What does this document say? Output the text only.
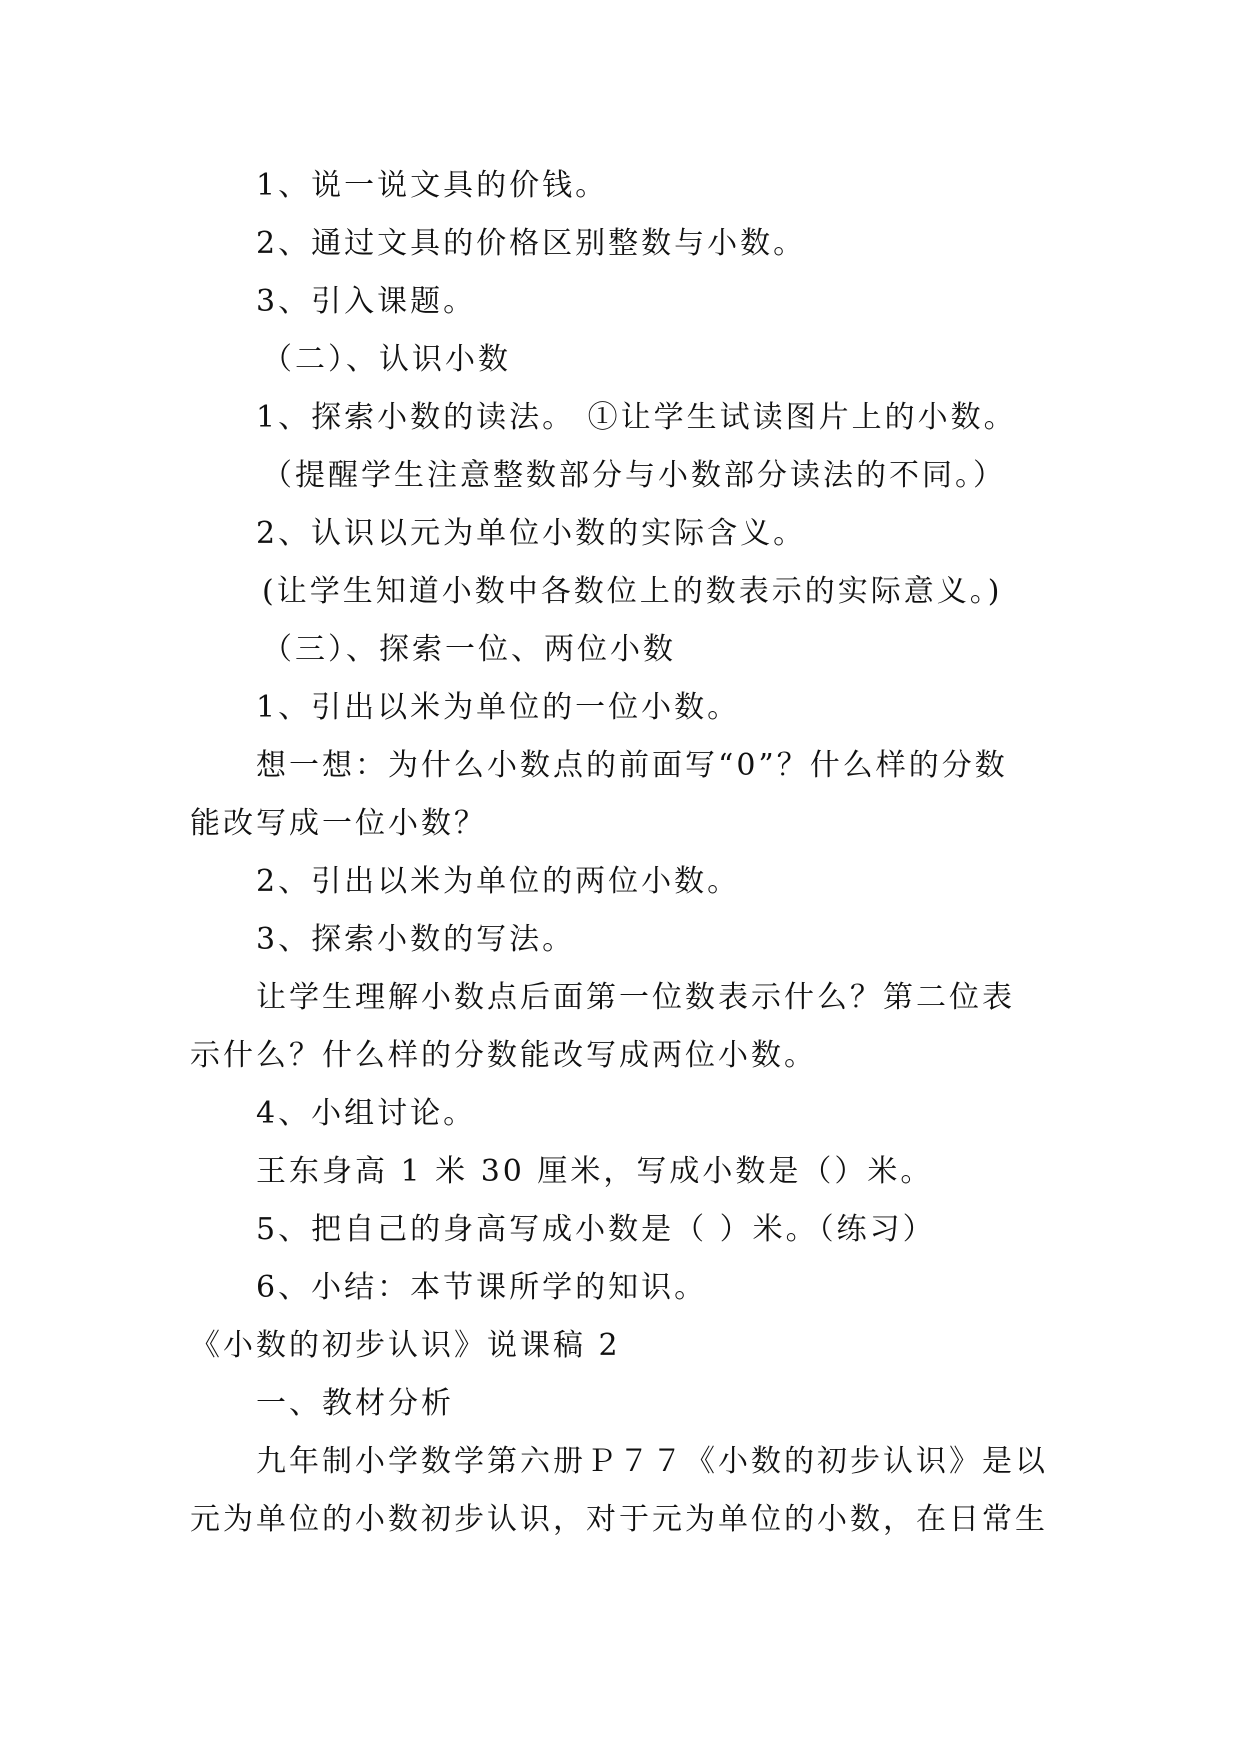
1、说一说文具的价钱。
2、通过文具的价格区别整数与小数。
3、引入课题。
（二）、认识小数
1、探索小数的读法。 ①让学生试读图片上的小数。
（提醒学生注意整数部分与小数部分读法的不同。）
2、认识以元为单位小数的实际含义。
(让学生知道小数中各数位上的数表示的实际意义。)
（三）、探索一位、两位小数
1、引出以米为单位的一位小数。
想一想：为什么小数点的前面写“0”？什么样的分数
能改写成一位小数？
2、引出以米为单位的两位小数。
3、探索小数的写法。
让学生理解小数点后面第一位数表示什么？第二位表
示什么？什么样的分数能改写成两位小数。
4、小组讨论。
王东身高 1 米 30 厘米，写成小数是（）米。
5、把自己的身高写成小数是（ ）米。（练习）
6、小结：本节课所学的知识。
《小数的初步认识》说课稿 2
一、教材分析
九年制小学数学第六册Ｐ７７《小数的初步认识》是以
元为单位的小数初步认识，对于元为单位的小数，在日常生
